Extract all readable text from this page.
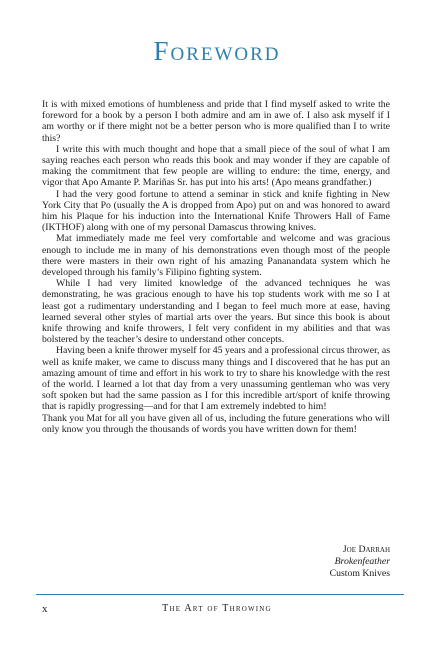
Foreword

It is with mixed emotions of humbleness and pride that I find myself asked to write the foreword for a book by a person I both admire and am in awe of. I also ask myself if I am worthy or if there might not be a better person who is more qualified than I to write this?

I write this with much thought and hope that a small piece of the soul of what I am saying reaches each person who reads this book and may wonder if they are capable of making the commitment that few people are willing to endure: the time, energy, and vigor that Apo Amante P. Mariñas Sr. has put into his arts! (Apo means grandfather.)

I had the very good fortune to attend a seminar in stick and knife fighting in New York City that Po (usually the A is dropped from Apo) put on and was honored to award him his Plaque for his induction into the International Knife Throwers Hall of Fame (IKTHOF) along with one of my personal Damascus throwing knives.

Mat immediately made me feel very comfortable and welcome and was gracious enough to include me in many of his demonstrations even though most of the people there were masters in their own right of his amazing Pananandata system which he developed through his family’s Filipino fighting system.

While I had very limited knowledge of the advanced techniques he was demonstrating, he was gracious enough to have his top students work with me so I at least got a rudimentary understanding and I began to feel much more at ease, having learned several other styles of martial arts over the years. But since this book is about knife throwing and knife throwers, I felt very confident in my abilities and that was bolstered by the teacher’s desire to understand other concepts.

Having been a knife thrower myself for 45 years and a professional circus thrower, as well as knife maker, we came to discuss many things and I discovered that he has put an amazing amount of time and effort in his work to try to share his knowledge with the rest of the world. I learned a lot that day from a very unassuming gentleman who was very soft spoken but had the same passion as I for this incredible art/sport of knife throwing that is rapidly progressing—and for that I am extremely indebted to him!

Thank you Mat for all you have given all of us, including the future generations who will only know you through the thousands of words you have written down for them!

Joe Darrah
Brokenfeather
Custom Knives
x	The Art of Throwing
